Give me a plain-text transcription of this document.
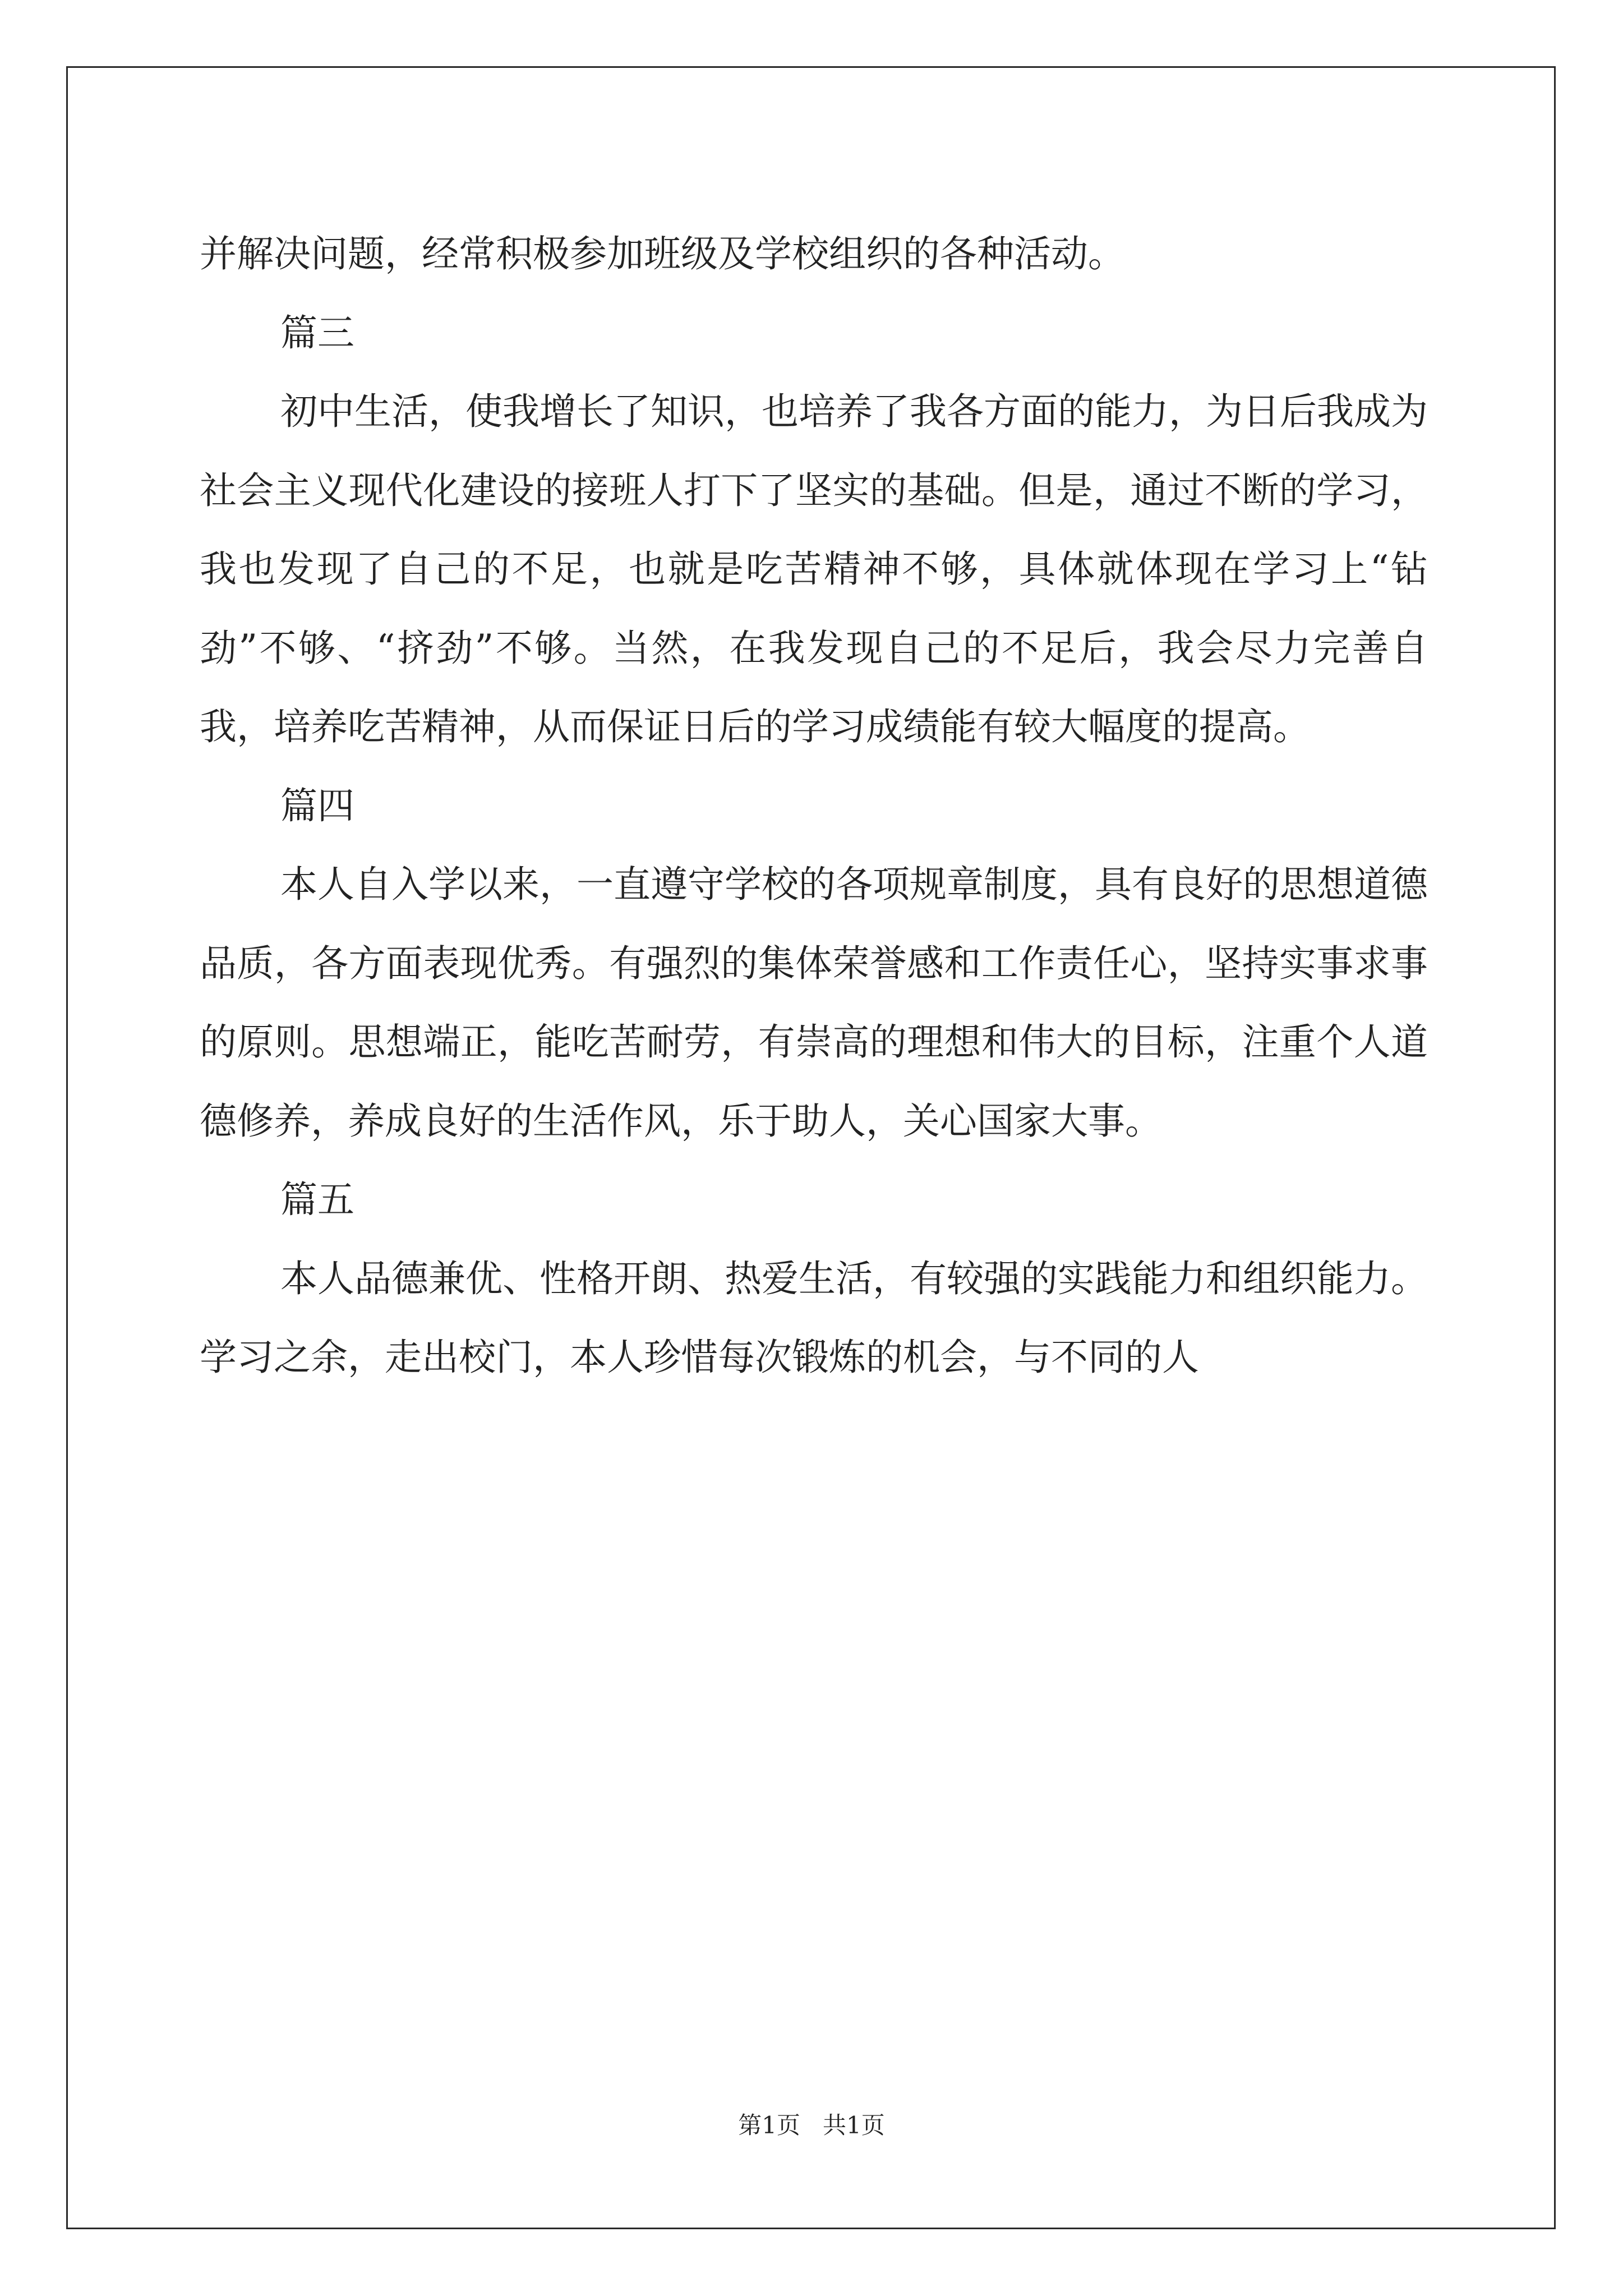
并解决问题，经常积极参加班级及学校组织的各种活动。

篇三

初中生活，使我增长了知识，也培养了我各方面的能力，为日后我成为社会主义现代化建设的接班人打下了坚实的基础。但是，通过不断的学习，我也发现了自己的不足，也就是吃苦精神不够，具体就体现在学习上“钻劲”不够、“挤劲”不够。当然，在我发现自己的不足后，我会尽力完善自我，培养吃苦精神，从而保证日后的学习成绩能有较大幅度的提高。

篇四

本人自入学以来，一直遵守学校的各项规章制度，具有良好的思想道德品质，各方面表现优秀。有强烈的集体荣誉感和工作责任心，坚持实事求事的原则。思想端正，能吃苦耐劳，有崇高的理想和伟大的目标，注重个人道德修养，养成良好的生活作风，乐于助人，关心国家大事。

篇五

本人品德兼优、性格开朗、热爱生活，有较强的实践能力和组织能力。学习之余，走出校门，本人珍惜每次锻炼的机会，与不同的人

第1页   共1页
